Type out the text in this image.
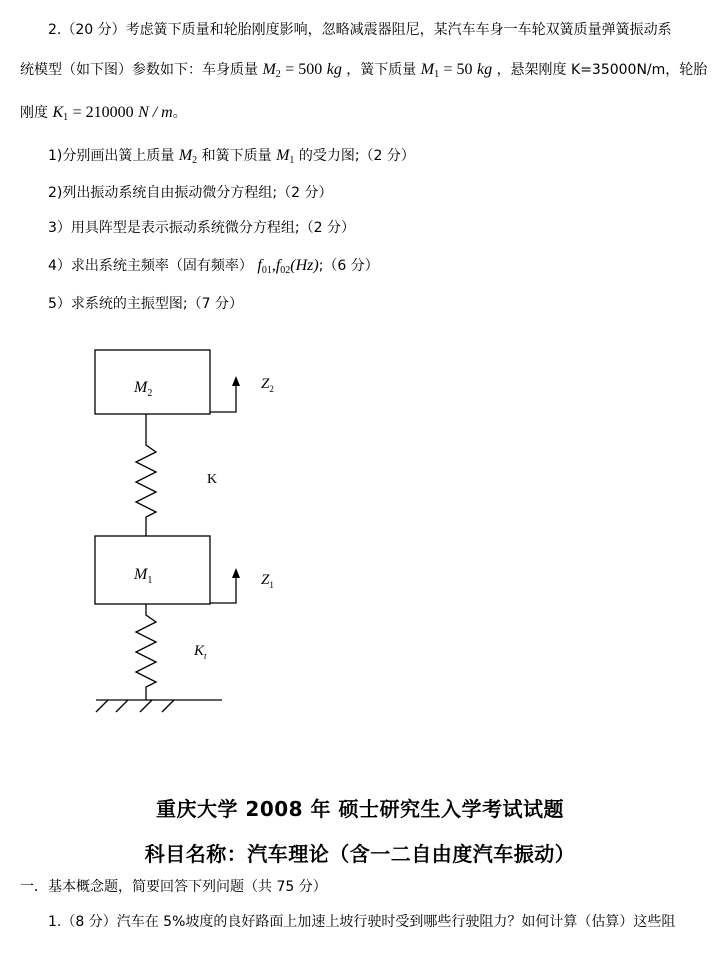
2.（20 分）考虑簧下质量和轮胎刚度影响，忽略减震器阻尼，某汽车车身一车轮双簧质量弹簧振动系
统模型（如下图）参数如下：车身质量 $M_2 = 500$ kg ，簧下质量 $M_1 = 50$ kg ，悬架刚度 K=35000N/m，轮胎
刚度 $K_1 = 210000$ N / m。
1)分别画出簧上质量 $M_2$ 和簧下质量 $M_1$ 的受力图;（2 分）
2)列出振动系统自由振动微分方程组;（2 分）
3）用具阵型是表示振动系统微分方程组;（2 分）
4）求出系统主频率（固有频率） $f_{01},f_{02}(Hz);(6$ 分）
5）求系统的主振型图;（7 分）
$M_2$
$Z_2$
K
$M_1$	$Z_1$
$K_t$
重庆大学 2008 年 硕士研究生入学考试试题
科目名称：汽车理论（含一二自由度汽车振动）
一．基本概念题，简要回答下列问题（共 75 分）
1.（8 分）汽车在 5%坡度的良好路面上加速上坡行驶时受到哪些行驶阻力？如何计算（估算）这些阻
